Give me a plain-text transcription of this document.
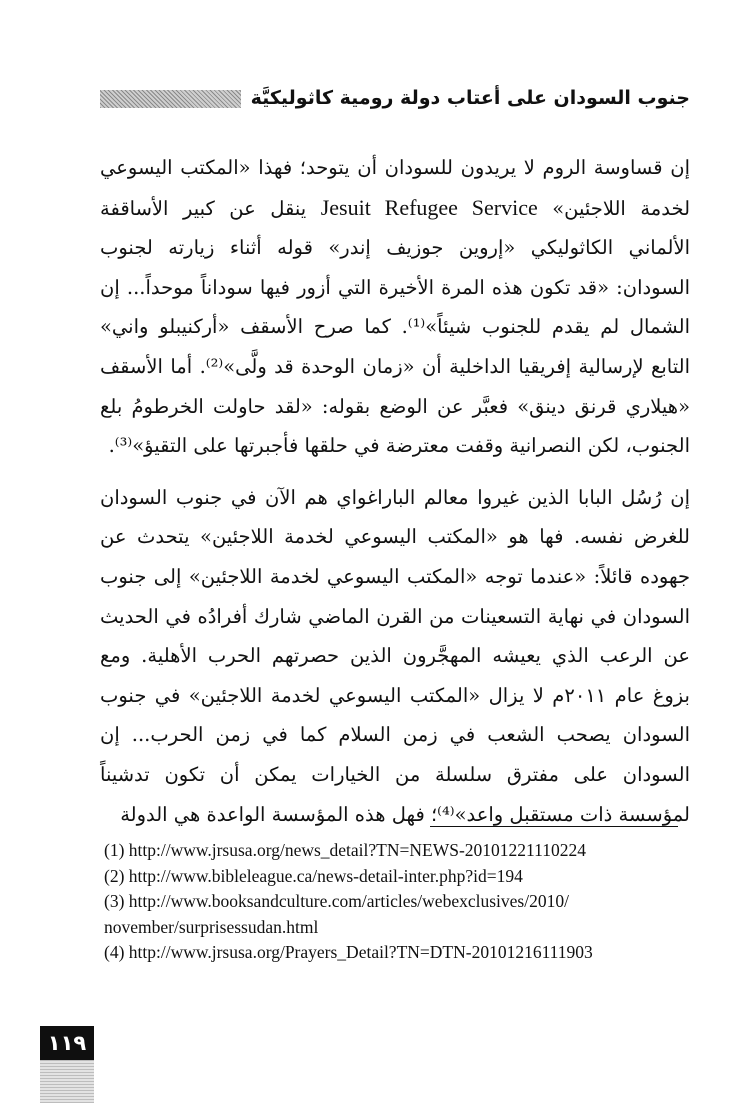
جنوب السودان على أعتاب دولة رومية كاثوليكيَّة

إن قساوسة الروم لا يريدون للسودان أن يتوحد؛ فهذا «المكتب اليسوعي لخدمة اللاجئين» Jesuit Refugee Service ينقل عن كبير الأساقفة الألماني الكاثوليكي «إروين جوزيف إندر» قوله أثناء زيارته لجنوب السودان: «قد تكون هذه المرة الأخيرة التي أزور فيها سوداناً موحداً... إن الشمال لم يقدم للجنوب شيئاً»⁽¹⁾. كما صرح الأسقف «أركنيبلو واني» التابع لإرسالية إفريقيا الداخلية أن «زمان الوحدة قد ولَّى»⁽²⁾. أما الأسقف «هيلاري قرنق دينق» فعبَّر عن الوضع بقوله: «لقد حاولت الخرطومُ بلع الجنوب، لكن النصرانية وقفت معترضة في حلقها فأجبرتها على التقيؤ»⁽³⁾.

إن رُسُل البابا الذين غيروا معالم الباراغواي هم الآن في جنوب السودان للغرض نفسه. فها هو «المكتب اليسوعي لخدمة اللاجئين» يتحدث عن جهوده قائلاً: «عندما توجه «المكتب اليسوعي لخدمة اللاجئين» إلى جنوب السودان في نهاية التسعينات من القرن الماضي شارك أفرادُه في الحديث عن الرعب الذي يعيشه المهجَّرون الذين حصرتهم الحرب الأهلية. ومع بزوغ عام ٢٠١١م لا يزال «المكتب اليسوعي لخدمة اللاجئين» في جنوب السودان يصحب الشعب في زمن السلام كما في زمن الحرب... إن السودان على مفترق سلسلة من الخيارات يمكن أن تكون تدشيناً لمؤسسة ذات مستقبل واعد»⁽⁴⁾؛ فهل هذه المؤسسة الواعدة هي الدولة

(1) http://www.jrsusa.org/news_detail?TN=NEWS-20101221110224

(2) http://www.bibleleague.ca/news-detail-inter.php?id=194

(3) http://www.booksandculture.com/articles/webexclusives/2010/
november/surprisessudan.html

(4) http://www.jrsusa.org/Prayers_Detail?TN=DTN-20101216111903

١١٩
